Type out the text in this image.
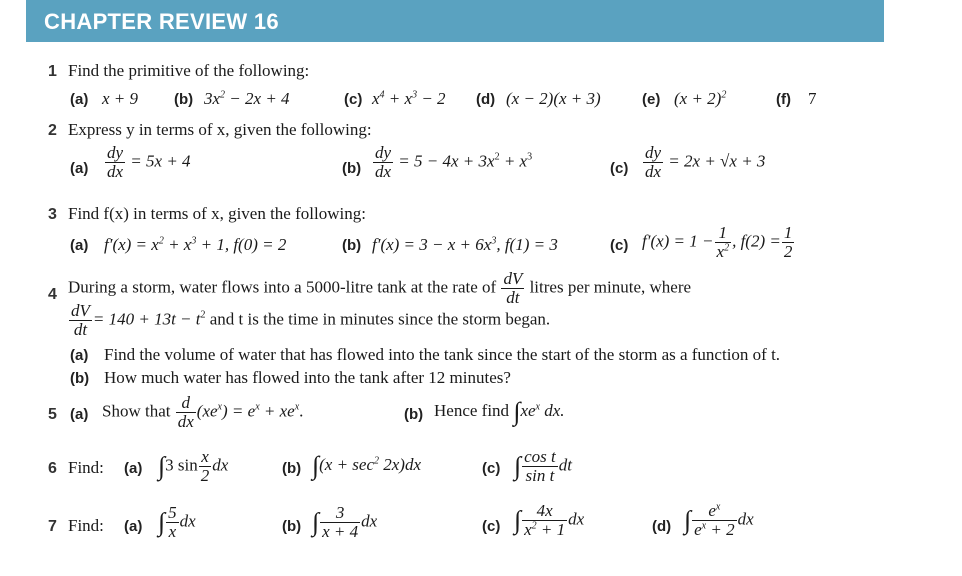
CHAPTER REVIEW 16
1 Find the primitive of the following:
(a) x + 9 (b) $3x^2 - 2x + 4$	(c) $x^4 + x^3 - 2$ (d) (x − 2)(x + 3)	(e) $(x + 2)^2$	(f) 7
2 Express y in terms of x, given the following:
$(a) \frac{dy}{dx} = 5x + 4$	$(b) \frac{dy}{dx} = 5 - 4x + 3x^2 + x^3$
$(c) \frac{dy}{dx} = 2x + √x + 3$
3 Find f(x) in terms of x, given the following:
(a) $f'(x) = x^2 + x^3 + 1$, f(0) = 2	(b) $f'(x) = 3 - x + 6x^3$, f(1) = 3	(c) $f'(x) = 1 - \frac{1}{x^2}$ , $f(2) = \frac{1}{2}$
4 During a storm, water flows into a 5000-litre tank at the rate of $\frac{dV}{dt}$ litres per minute, where
$\frac{dV}{dt} = 140 + 13t - t^2$ and t is the time in minutes since the storm began.
(a) Find the volume of water that has flowed into the tank since the start of the storm as a function of t.
(b) How much water has flowed into the tank after 12 minutes?
5 (a) Show that $\frac{d}{dx} (xe^x) = e^x + xe^x$.	(b) Hence find $\int xe^x$ dx.
6 Find: (a) ∫3 $\sin \frac{x}{2}$ dx	(b) $\int(x + \sec^2 2x)dx$	(c) ∫ $\frac{\text{cos t}}{\text{sin t}}$ dt
7 Find: (a) ∫ $\frac{5}{x}$ dx	(b) ∫ $\frac{3}{x + 4}$ dx	(c) ∫ $\frac{4x}{x^2 + 1}$ dx	(d) ∫ $\frac{e^x}{e^x + 2}$ dx
